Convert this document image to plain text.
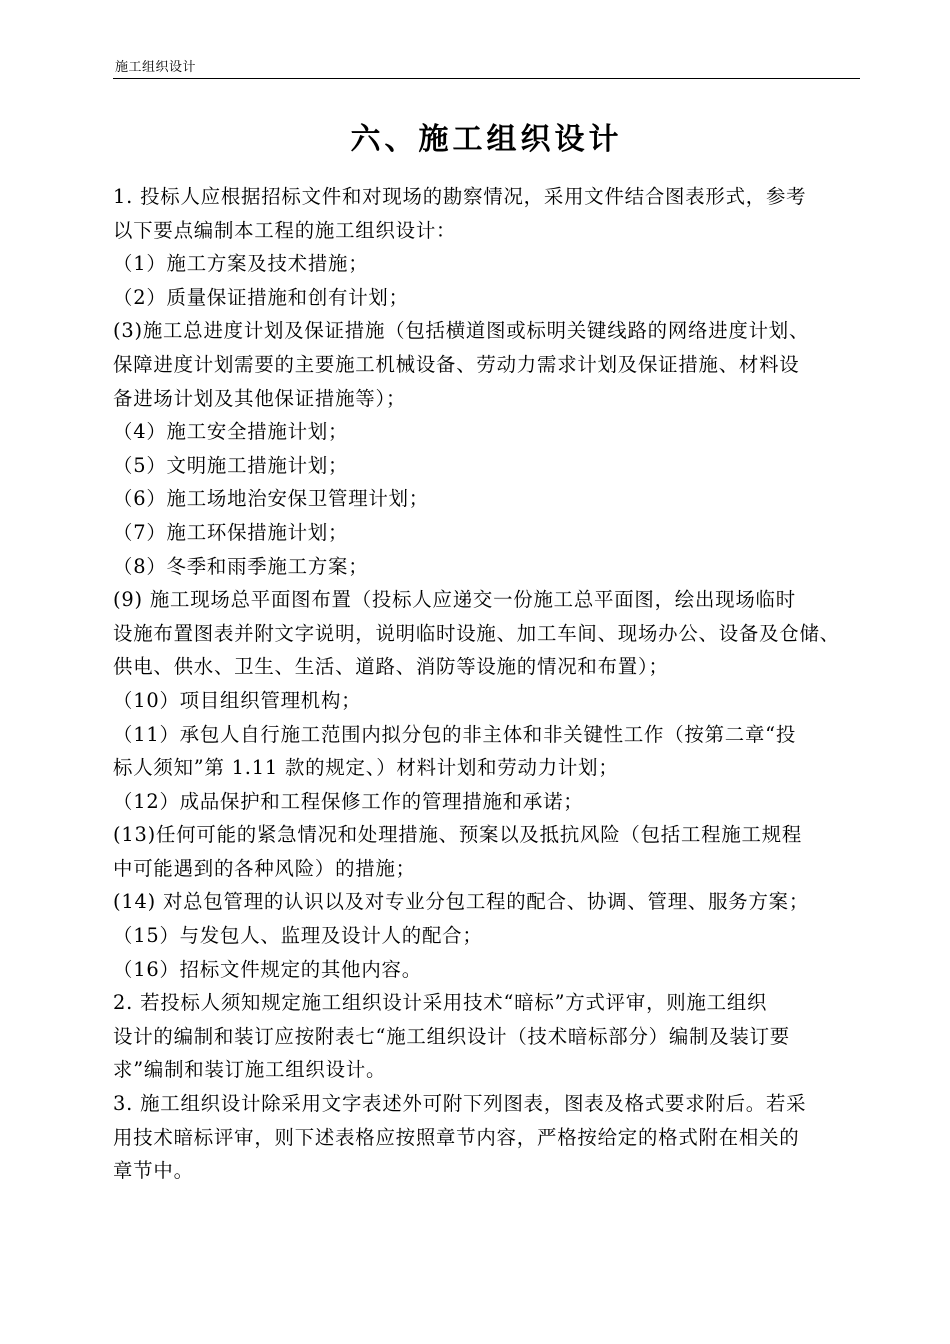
施工组织设计
六、施工组织设计
1. 投标人应根据招标文件和对现场的勘察情况，采用文件结合图表形式，参考
以下要点编制本工程的施工组织设计：
（1）施工方案及技术措施；
（2）质量保证措施和创有计划；
(3)施工总进度计划及保证措施（包括横道图或标明关键线路的网络进度计划、
保障进度计划需要的主要施工机械设备、劳动力需求计划及保证措施、材料设
备进场计划及其他保证措施等）；
（4）施工安全措施计划；
（5）文明施工措施计划；
（6）施工场地治安保卫管理计划；
（7）施工环保措施计划；
（8）冬季和雨季施工方案；
(9) 施工现场总平面图布置（投标人应递交一份施工总平面图，绘出现场临时
设施布置图表并附文字说明，说明临时设施、加工车间、现场办公、设备及仓储、
供电、供水、卫生、生活、道路、消防等设施的情况和布置）；
（10）项目组织管理机构；
（11）承包人自行施工范围内拟分包的非主体和非关键性工作（按第二章“投
标人须知”第 1.11 款的规定、）材料计划和劳动力计划；
（12）成品保护和工程保修工作的管理措施和承诺；
(13)任何可能的紧急情况和处理措施、预案以及抵抗风险（包括工程施工规程
中可能遇到的各种风险）的措施；
(14) 对总包管理的认识以及对专业分包工程的配合、协调、管理、服务方案；
（15）与发包人、监理及设计人的配合；
（16）招标文件规定的其他内容。
2. 若投标人须知规定施工组织设计采用技术“暗标”方式评审，则施工组织
设计的编制和装订应按附表七“施工组织设计（技术暗标部分）编制及装订要
求”编制和装订施工组织设计。
3. 施工组织设计除采用文字表述外可附下列图表，图表及格式要求附后。若采
用技术暗标评审，则下述表格应按照章节内容，严格按给定的格式附在相关的
章节中。
